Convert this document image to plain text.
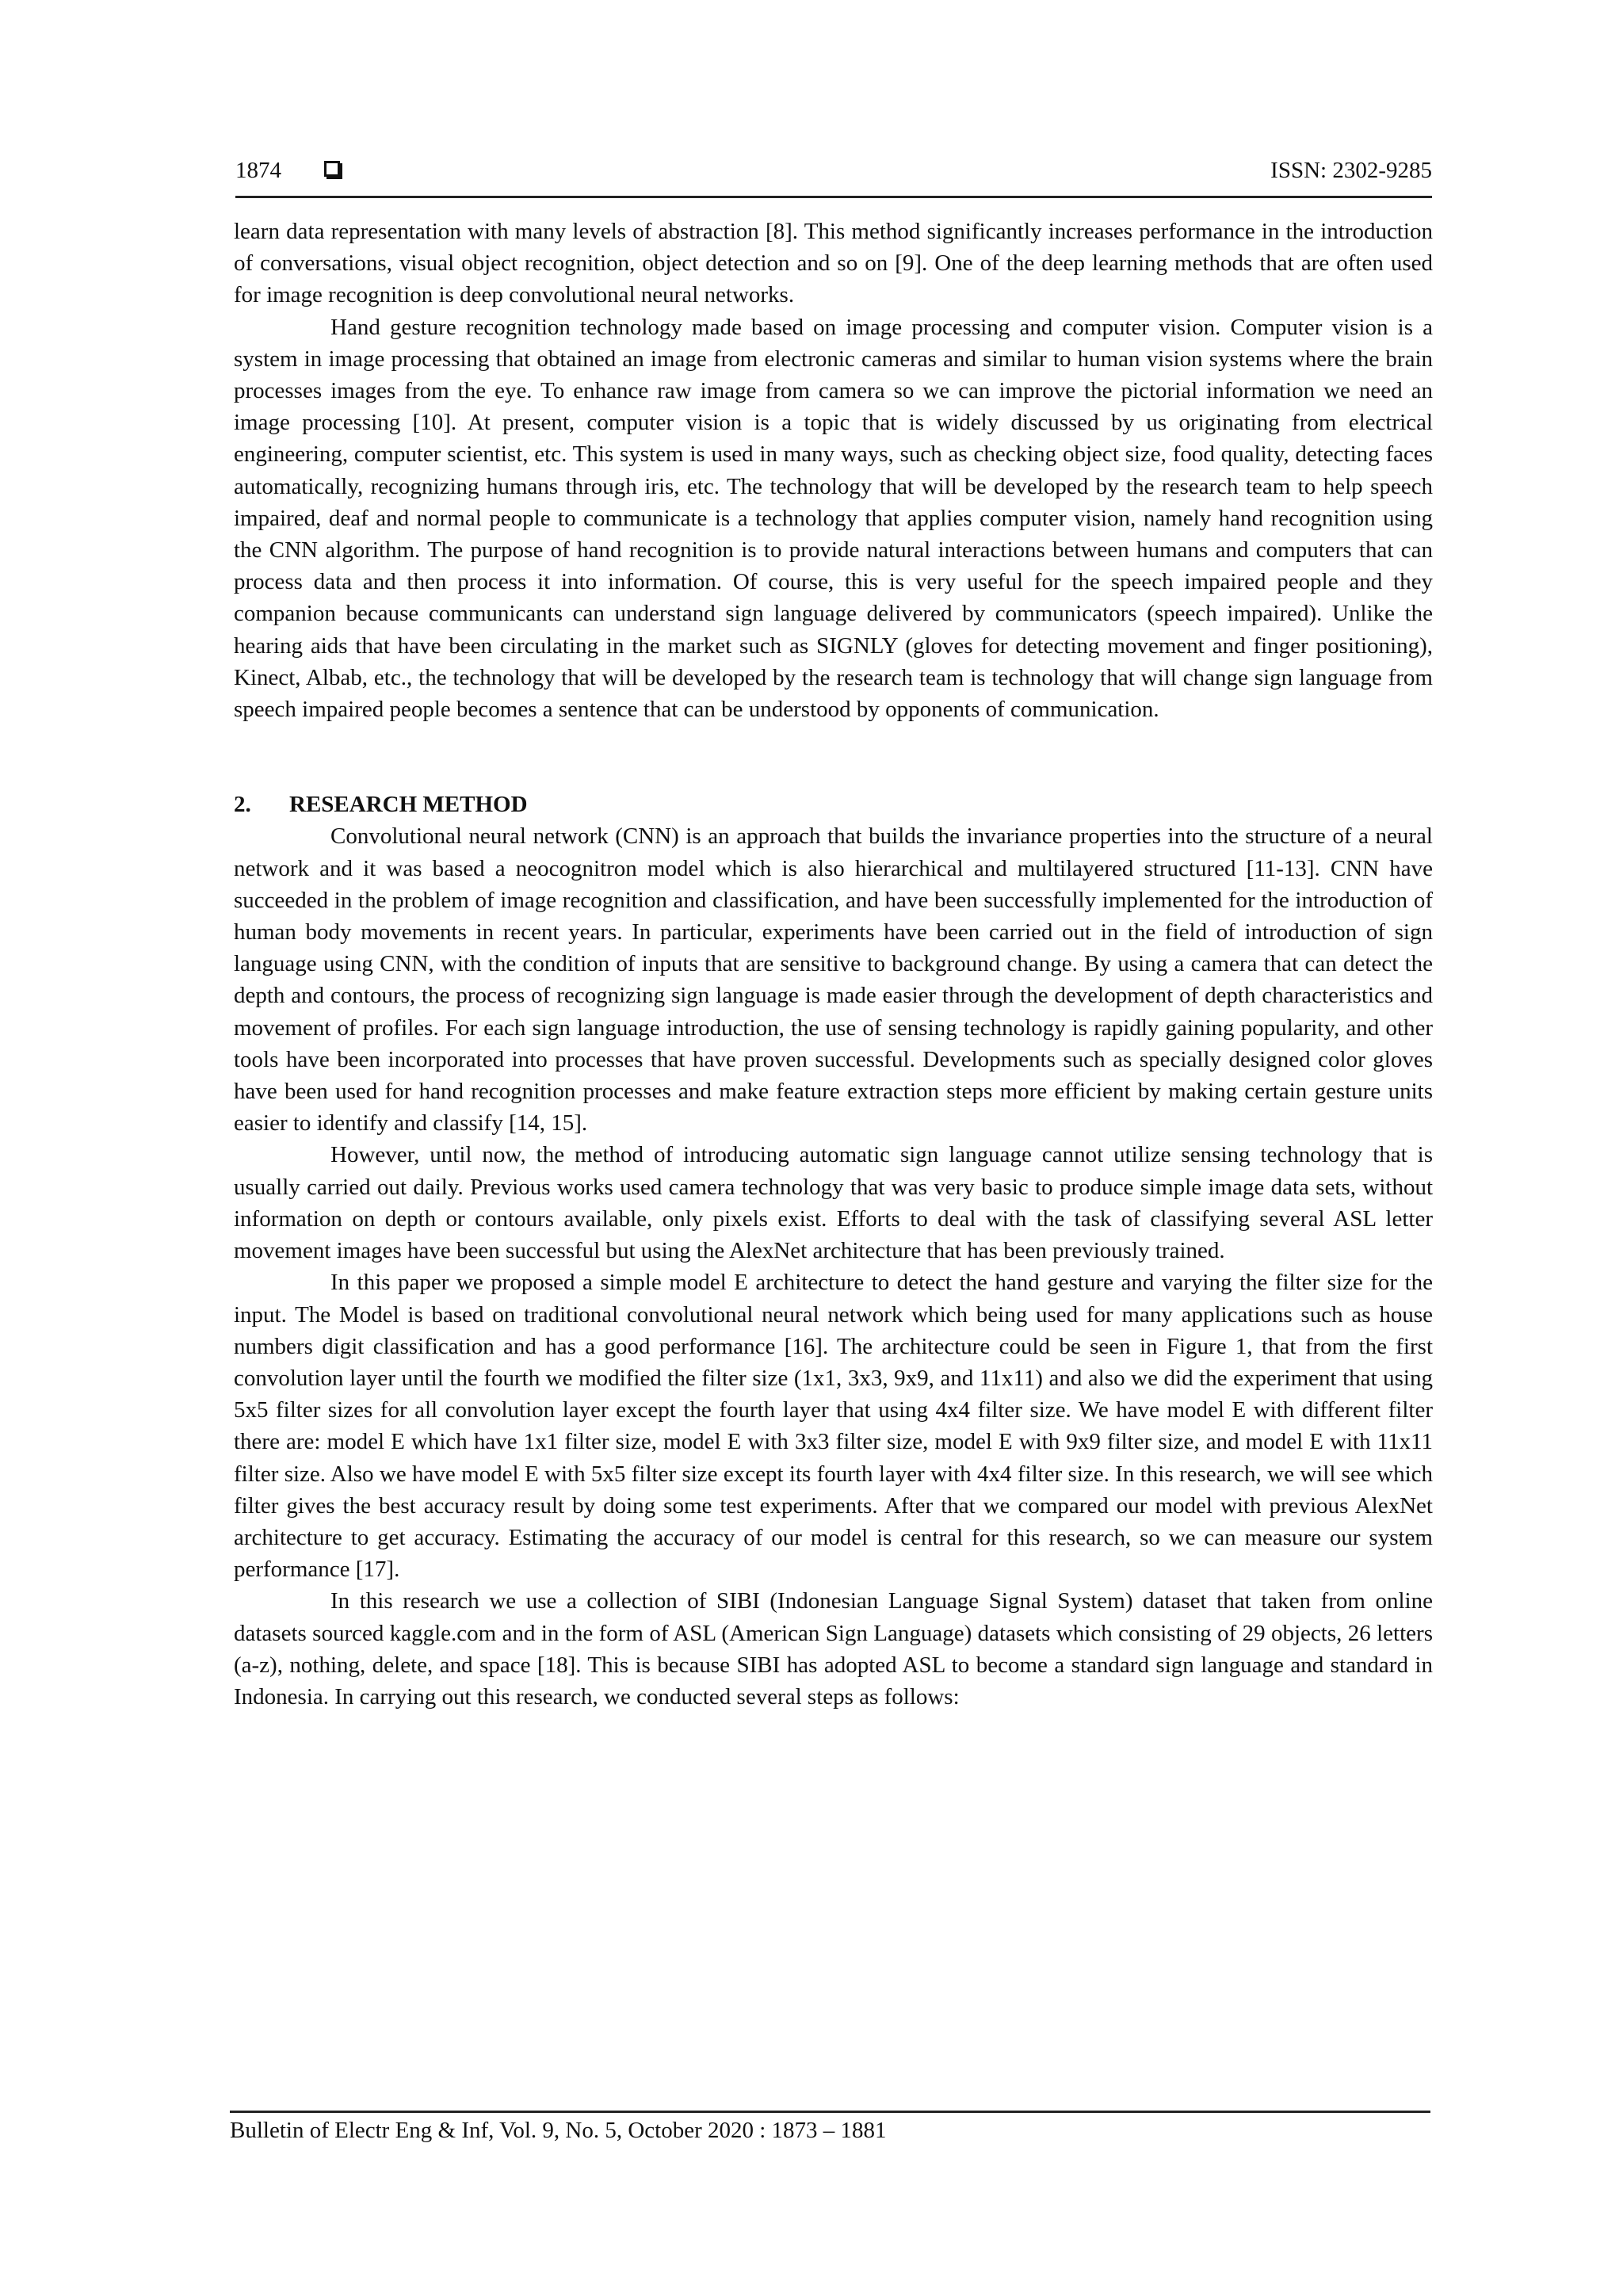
1874	ISSN: 2302-9285

learn data representation with many levels of abstraction [8]. This method significantly increases performance in the introduction of conversations, visual object recognition, object detection and so on [9]. One of the deep learning methods that are often used for image recognition is deep convolutional neural networks.

Hand gesture recognition technology made based on image processing and computer vision. Computer vision is a system in image processing that obtained an image from electronic cameras and similar to human vision systems where the brain processes images from the eye. To enhance raw image from camera so we can improve the pictorial information we need an image processing [10]. At present, computer vision is a topic that is widely discussed by us originating from electrical engineering, computer scientist, etc. This system is used in many ways, such as checking object size, food quality, detecting faces automatically, recognizing humans through iris, etc. The technology that will be developed by the research team to help speech impaired, deaf and normal people to communicate is a technology that applies computer vision, namely hand recognition using the CNN algorithm. The purpose of hand recognition is to provide natural interactions between humans and computers that can process data and then process it into information. Of course, this is very useful for the speech impaired people and they companion because communicants can understand sign language delivered by communicators (speech impaired). Unlike the hearing aids that have been circulating in the market such as SIGNLY (gloves for detecting movement and finger positioning), Kinect, Albab, etc., the technology that will be developed by the research team is technology that will change sign language from speech impaired people becomes a sentence that can be understood by opponents of communication.

2. RESEARCH METHOD

Convolutional neural network (CNN) is an approach that builds the invariance properties into the structure of a neural network and it was based a neocognitron model which is also hierarchical and multilayered structured [11-13]. CNN have succeeded in the problem of image recognition and classification, and have been successfully implemented for the introduction of human body movements in recent years. In particular, experiments have been carried out in the field of introduction of sign language using CNN, with the condition of inputs that are sensitive to background change. By using a camera that can detect the depth and contours, the process of recognizing sign language is made easier through the development of depth characteristics and movement of profiles. For each sign language introduction, the use of sensing technology is rapidly gaining popularity, and other tools have been incorporated into processes that have proven successful. Developments such as specially designed color gloves have been used for hand recognition processes and make feature extraction steps more efficient by making certain gesture units easier to identify and classify [14, 15].

However, until now, the method of introducing automatic sign language cannot utilize sensing technology that is usually carried out daily. Previous works used camera technology that was very basic to produce simple image data sets, without information on depth or contours available, only pixels exist. Efforts to deal with the task of classifying several ASL letter movement images have been successful but using the AlexNet architecture that has been previously trained.

In this paper we proposed a simple model E architecture to detect the hand gesture and varying the filter size for the input. The Model is based on traditional convolutional neural network which being used for many applications such as house numbers digit classification and has a good performance [16]. The architecture could be seen in Figure 1, that from the first convolution layer until the fourth we modified the filter size (1x1, 3x3, 9x9, and 11x11) and also we did the experiment that using 5x5 filter sizes for all convolution layer except the fourth layer that using 4x4 filter size. We have model E with different filter there are: model E which have 1x1 filter size, model E with 3x3 filter size, model E with 9x9 filter size, and model E with 11x11 filter size. Also we have model E with 5x5 filter size except its fourth layer with 4x4 filter size. In this research, we will see which filter gives the best accuracy result by doing some test experiments. After that we compared our model with previous AlexNet architecture to get accuracy. Estimating the accuracy of our model is central for this research, so we can measure our system performance [17].

In this research we use a collection of SIBI (Indonesian Language Signal System) dataset that taken from online datasets sourced kaggle.com and in the form of ASL (American Sign Language) datasets which consisting of 29 objects, 26 letters (a-z), nothing, delete, and space [18]. This is because SIBI has adopted ASL to become a standard sign language and standard in Indonesia. In carrying out this research, we conducted several steps as follows:

Bulletin of Electr Eng & Inf, Vol. 9, No. 5, October 2020 : 1873 – 1881
